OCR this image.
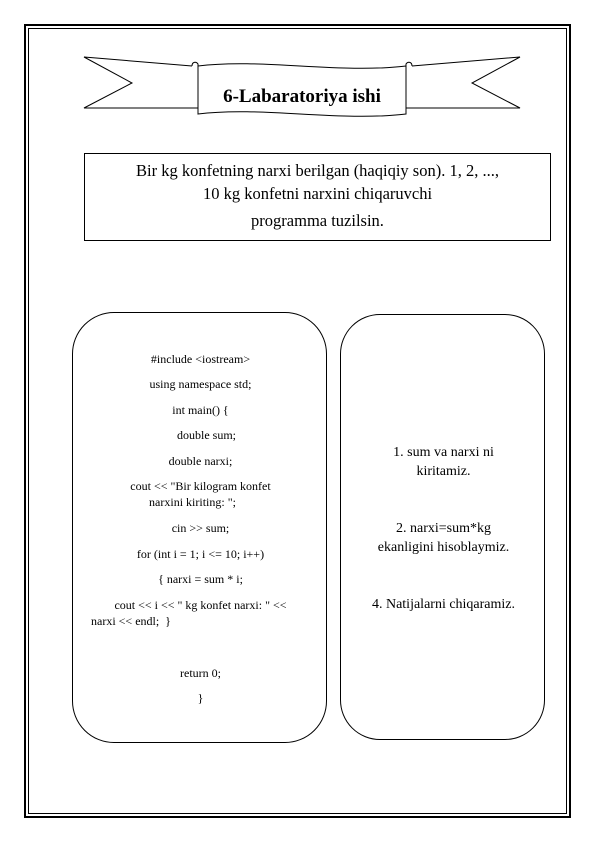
6-Labaratoriya ishi
Bir kg konfetning narxi berilgan (haqiqiy son). 1, 2, ...,
10 kg konfetni narxini chiqaruvchi

programma tuzilsin.
#include <iostream>
using namespace std;
int main() {
double sum;
double narxi;
cout << "Bir kilogram konfet
narxini kiriting: ";
cin >> sum;
for (int i = 1; i <= 10; i++)
{ narxi = sum * i;
cout << i << " kg konfet narxi: " <<
narxi << endl;  }
return 0;
}
1. sum va narxi ni
kiritamiz.
2. narxi=sum*kg
ekanligini hisoblaymiz.
4. Natijalarni chiqaramiz.
